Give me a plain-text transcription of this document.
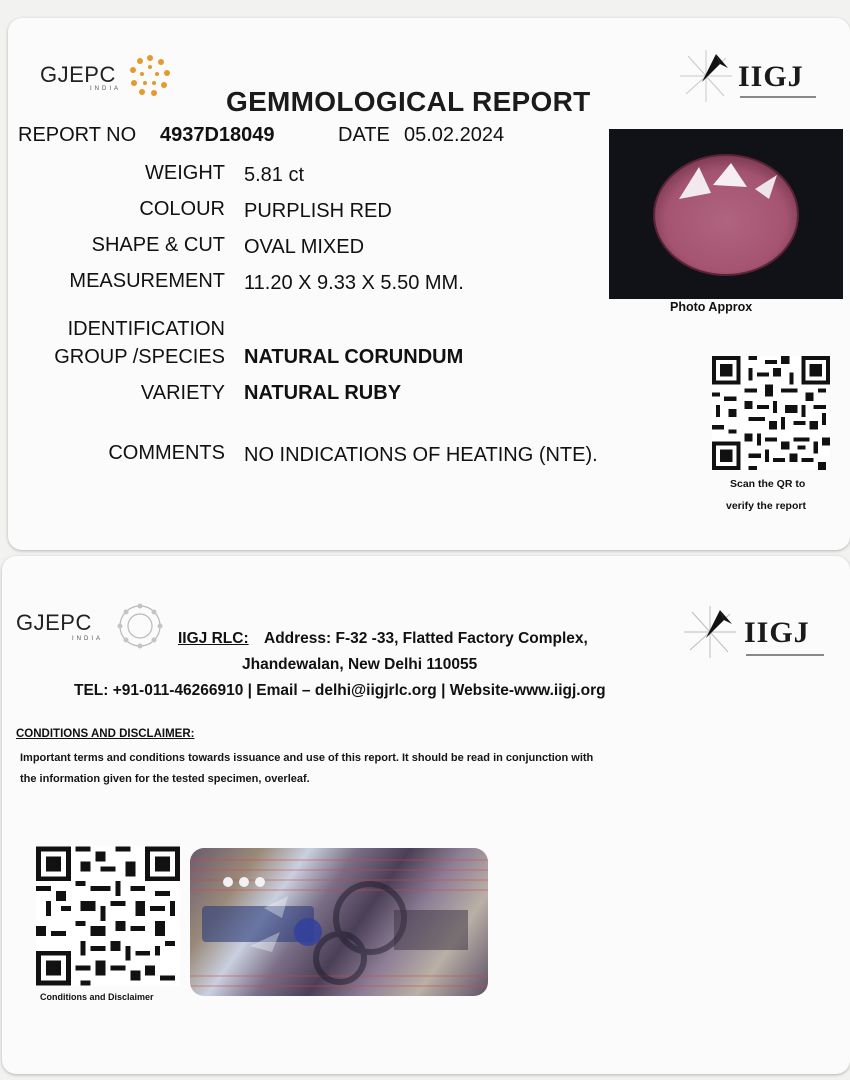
GJEPC
INDIA	IIGJ
GEMMOLOGICAL REPORT
REPORT NO 4937D18049	DATE 05.02.2024
WEIGHT 5.81 ct
COLOUR PURPLISH RED
SHAPE & CUT OVAL MIXED
MEASUREMENT 11.20 X 9.33 X 5.50 MM.
IDENTIFICATION
GROUP /SPECIES NATURAL CORUNDUM
VARIETY NATURAL RUBY
COMMENTS NO INDICATIONS OF HEATING (NTE).
Photo Approx
Scan the QR to
verify the report
GJEPC
INDIA	IIGJ
IIGJ RLC: Address: F-32 -33, Flatted Factory Complex,
Jhandewalan, New Delhi 110055
TEL: +91-011-46266910 | Email – delhi@iigjrlc.org | Website-www.iigj.org
CONDITIONS AND DISCLAIMER:
Important terms and conditions towards issuance and use of this report. It should be read in conjunction with
the information given for the tested specimen, overleaf.
Conditions and Disclaimer
